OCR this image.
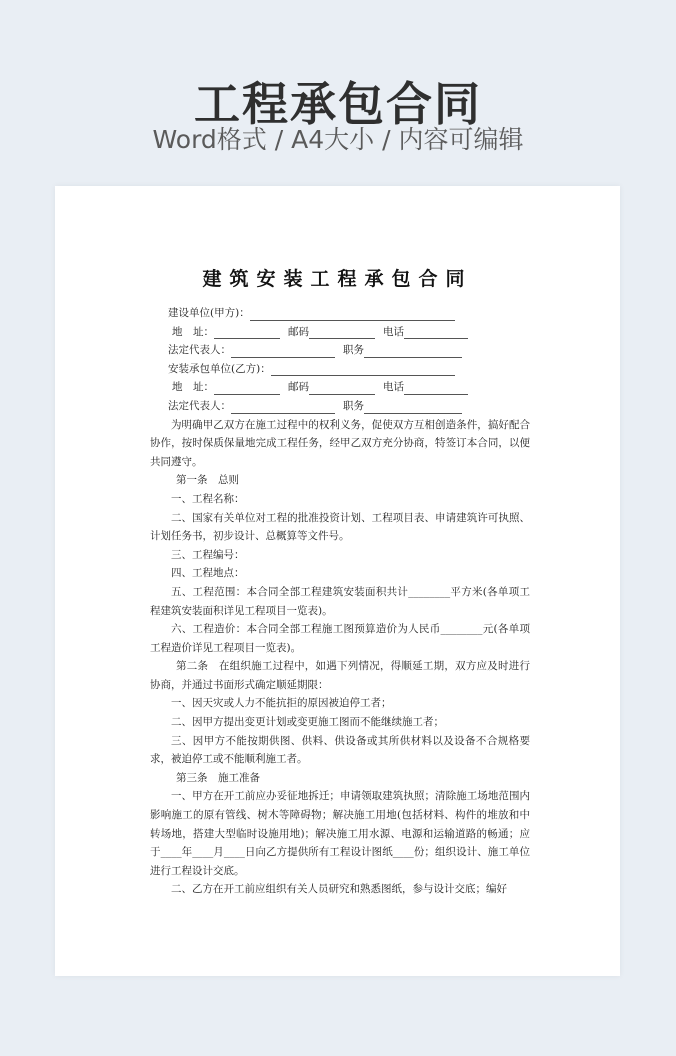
工程承包合同
Word格式 / A4大小 / 内容可编辑
建筑安装工程承包合同
建设单位(甲方)：
地　址：	邮码	电话
法定代表人：	职务
安装承包单位(乙方)：
地　址：	邮码	电话
法定代表人：	职务
为明确甲乙双方在施工过程中的权利义务，促使双方互相创造条件，搞好配合协作，按时保质保量地完成工程任务，经甲乙双方充分协商，特签订本合同，以便共同遵守。
第一条　总则
一、工程名称：
二、国家有关单位对工程的批准投资计划、工程项目表、申请建筑许可执照、计划任务书，初步设计、总概算等文件号。
三、工程编号：
四、工程地点：
五、工程范围：本合同全部工程建筑安装面积共计________平方米(各单项工程建筑安装面积详见工程项目一览表)。
六、工程造价：本合同全部工程施工图预算造价为人民币________元(各单项工程造价详见工程项目一览表)。
第二条　在组织施工过程中，如遇下列情况，得顺延工期，双方应及时进行协商，并通过书面形式确定顺延期限：
一、因天灾或人力不能抗拒的原因被迫停工者；
二、因甲方提出变更计划或变更施工图而不能继续施工者；
三、因甲方不能按期供图、供料、供设备或其所供材料以及设备不合规格要求，被迫停工或不能顺利施工者。
第三条　施工准备
一、甲方在开工前应办妥征地拆迁；申请领取建筑执照；清除施工场地范围内影响施工的原有管线、树木等障碍物；解决施工用地(包括材料、构件的堆放和中转场地，搭建大型临时设施用地)；解决施工用水源、电源和运输道路的畅通；应于____年____月____日向乙方提供所有工程设计图纸____份；组织设计、施工单位进行工程设计交底。
二、乙方在开工前应组织有关人员研究和熟悉图纸，参与设计交底；编好
